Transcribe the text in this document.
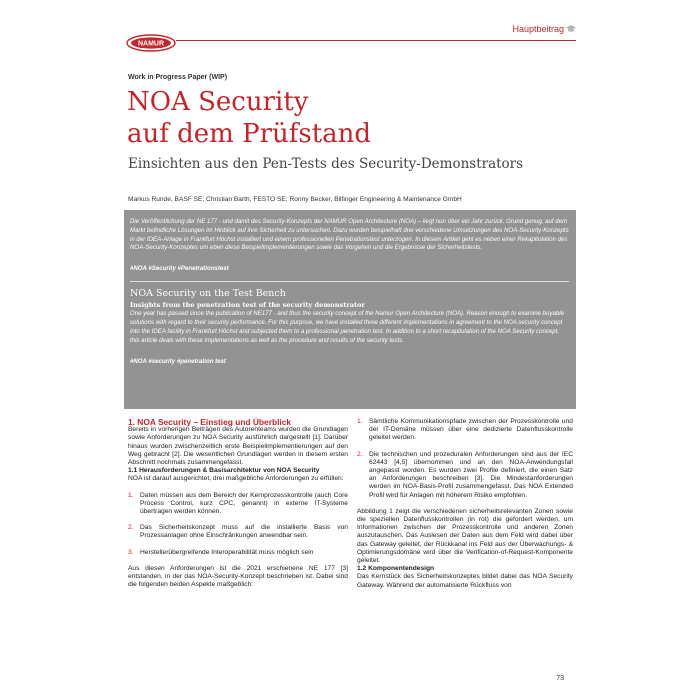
NAMUR
Hauptbeitrag
Work in Progress Paper (WIP)
NOA Security
auf dem Prüfstand
Einsichten aus den Pen-Tests des Security-Demonstrators
Markus Runde, BASF SE; Christian Barth, FESTO SE; Ronny Becker, Bilfinger Engineering & Maintenance GmbH

Die Veröffentlichung der NE 177 - und damit des Security-Konzepts der NAMUR Open Architecture (NOA) – liegt nun über ein Jahr zurück. Grund genug, auf dem Markt befindliche Lösungen im Hinblick auf ihre Sicherheit zu untersuchen. Dazu wurden beispielhaft drei verschiedene Umsetzungen des NOA-Security-Konzepts in der IDEA-Anlage in Frankfurt Höchst installiert und einem professionellen Penetrationstest unterzogen. In diesem Artikel geht es neben einer Rekapitulation des NOA-Security-Konzeptes um eben diese Beispielimplementierungen sowie das Vorgehen und die Ergebnisse der Sicherheitstests.

#NOA #Security #Penetrationstest

NOA Security on the Test Bench

Insights from the penetration test of the security demonstrator

One year has passed since the publication of NE177 - and thus the security concept of the Namur Open Architecture (NOA). Reason enough to examine buyable solutions with regard to their security performance. For this purpose, we have installed three different implementations in agreement to the NOA security concept into the IDEA facility in Frankfurt Höchst and subjected them to a professional penetration test. In addition to a short recapitulation of the NOA Security concept, this article deals with these implementations as well as the procedure and results of the security tests.

#NOA #security #penetration test

1. NOA Security – Einstieg und Überblick

Bereits in vorherigen Beiträgen des Autorenteams wurden die Grundlagen sowie Anforderungen zu NOA Security ausführlich dargestellt [1]. Darüber hinaus wurden zwischenzeitlich erste Beispielimplementierungen auf den Weg gebracht [2]. Die wesentlichen Grundlagen werden in diesem ersten Abschnitt nochmals zusammengefasst.

1.1 Herausforderungen & Basisarchitektur von NOA Security

NOA ist darauf ausgerichtet, drei maßgebliche Anforderungen zu erfüllen:

1. Daten müssen aus dem Bereich der Kernprozesskontrolle (auch Core Process Control, kurz CPC, genannt) in externe IT-Systeme übertragen werden können.
2. Das Sicherheitskonzept muss auf die installierte Basis von Prozessanlagen ohne Einschränkungen anwendbar sein.
3. Herstellerübergreifende Interoperabilität muss möglich sein

Aus diesen Anforderungen ist die 2021 erschienene NE 177 [3] entstanden, in der das NOA-Security-Konzept beschrieben ist. Dabei sind die folgenden beiden Aspekte maßgeblich:

1. Sämtliche Kommunikationspfade zwischen der Prozesskontrolle und der IT-Domäne müssen über eine dedizierte Datenflusskontrolle geleitet werden.
2. Die technischen und prozeduralen Anforderungen sind aus der IEC 62443 [4,5] übernommen und an den NOA-Anwendungsfall angepasst worden. Es wurden zwei Profile definiert, die einen Satz an Anforderungen beschreiben [3]. Die Mindestanforderungen werden im NOA-Basis-Profil zusammengefasst. Das NOA Extended Profil wird für Anlagen mit höherem Risiko empfohlen.

Abbildung 1 zeigt die verschiedenen sicherheitsrelevanten Zonen sowie die speziellen Datenflusskontrollen (in rot) die gefordert werden, um Informationen zwischen der Prozesskontrolle und anderen Zonen auszutauschen. Das Auslesen der Daten aus dem Feld wird dabei über das Gateway geleitet, der Rückkanal ins Feld aus der Überwachungs- & Optimierungsdomäne wird über die Verification-of-Request-Komponente geleitet.

1.2 Komponentendesign

Das Kernstück des Sicherheitskonzeptes bildet dabei das NOA Security Gateway. Während der automatisierte Rückfluss von

73
